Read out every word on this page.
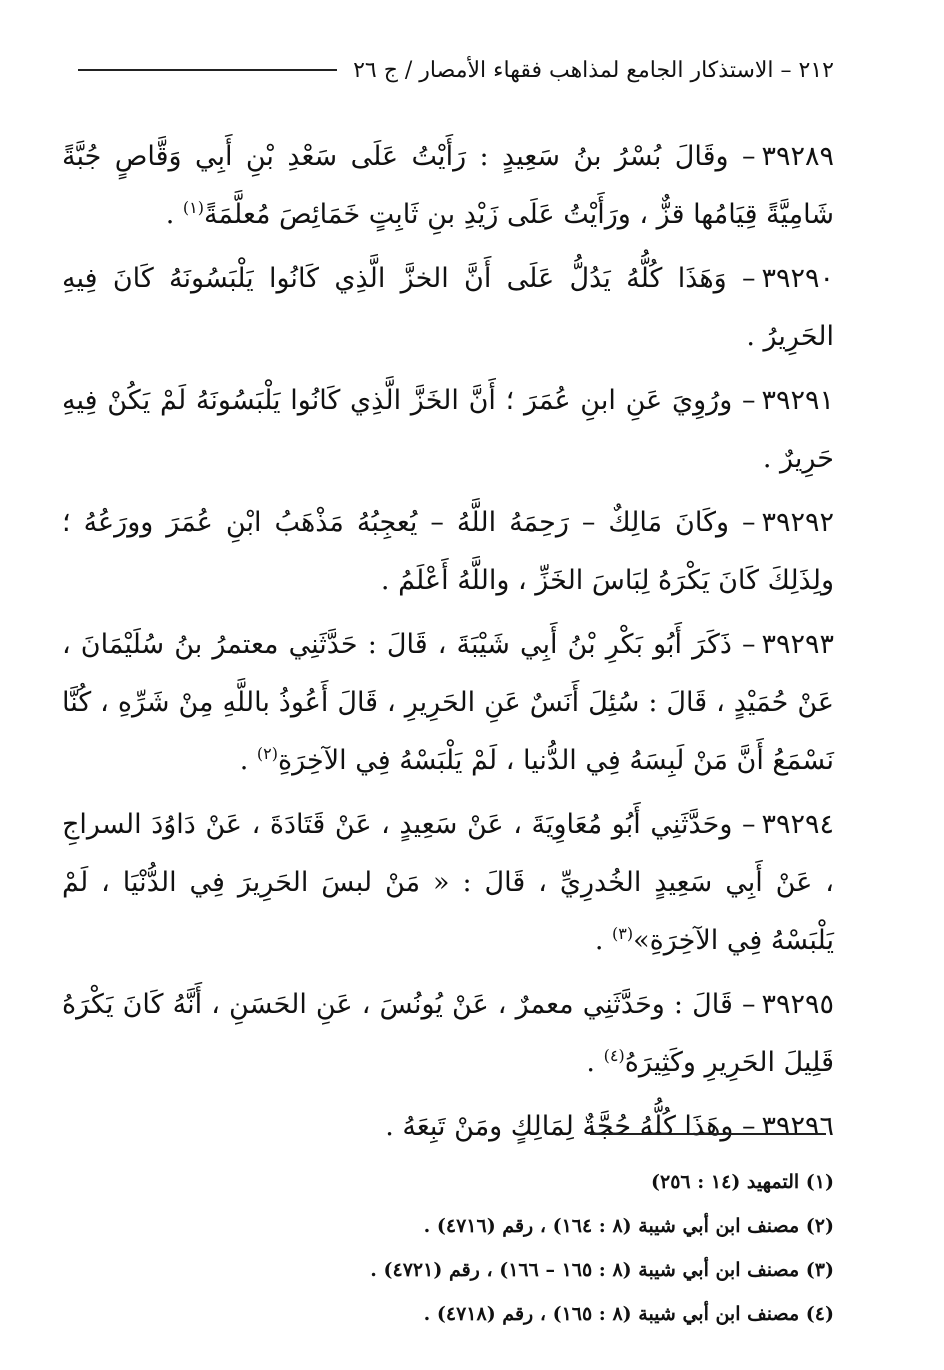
٢١٢ – الاستذكار الجامع لمذاهب فقهاء الأمصار / ج ٢٦

٣٩٢٨٩– وقَالَ بُسْرُ بنُ سَعِيدٍ : رَأَيْتُ عَلَى سَعْدِ بْنِ أَبِي وَقَّاصٍ جُبَّةً شَامِيَّةً قِيَامُها قزٌّ ، ورَأَيْتُ عَلَى زَيْدِ بنِ ثَابِتٍ خَمَائِصَ مُعلَّمَةً$^{(١)}$ .

٣٩٢٩٠– وَهَذَا كُلُّهُ يَدُلُّ عَلَى أَنَّ الخزَّ الَّذِي كَانُوا يَلْبَسُونَهُ كَانَ فِيهِ الحَرِيرُ .

٣٩٢٩١– ورُوِيَ عَنِ ابنِ عُمَرَ ؛ أَنَّ الخَزَّ الَّذِي كَانُوا يَلْبَسُونَهُ لَمْ يَكُنْ فِيهِ حَرِيرٌ .

٣٩٢٩٢– وكَانَ مَالِكٌ – رَحِمَهُ اللَّهُ – يُعجِبُهُ مَذْهَبُ ابْنِ عُمَرَ وورَعُهُ ؛ ولِذَلِكَ كَانَ يَكْرَهُ لِبَاسَ الخَزِّ ، واللَّهُ أَعْلَمُ .

٣٩٢٩٣– ذَكَرَ أَبُو بَكْرِ بْنُ أَبِي شَيْبَةَ ، قَالَ : حَدَّثَنِي معتمرُ بنُ سُلَيْمَانَ ، عَنْ حُمَيْدٍ ، قَالَ : سُئِلَ أَنَسٌ عَنِ الحَرِيرِ ، قَالَ أَعُوذُ باللَّهِ مِنْ شَرِّهِ ، كُنَّا نَسْمَعُ أَنَّ مَنْ لَبِسَهُ فِي الدُّنيا ، لَمْ يَلْبَسْهُ فِي الآخِرَةِ$^{(٢)}$ .

٣٩٢٩٤– وحَدَّثَنِي أَبُو مُعَاوِيَةَ ، عَنْ سَعِيدٍ ، عَنْ قَتَادَةَ ، عَنْ دَاوُدَ السراجِ ، عَنْ أَبِي سَعِيدٍ الخُدرِيِّ ، قَالَ : « مَنْ لبسَ الحَرِيرَ فِي الدُّنْيَا ، لَمْ يَلْبَسْهُ فِي الآخِرَةِ»$^{(٣)}$ .

٣٩٢٩٥– قَالَ : وحَدَّثَنِي معمرٌ ، عَنْ يُونُسَ ، عَنِ الحَسَنِ ، أَنَّهُ كَانَ يَكْرَهُ قَلِيلَ الحَرِيرِ وكَثِيرَهُ$^{(٤)}$ .

٣٩٢٩٦– وهَذَا كُلُّهُ حُجَّةٌ لِمَالِكٍ ومَنْ تَبِعَهُ .

(١) التمهيد (١٤ : ٢٥٦)
(٢) مصنف ابن أبي شيبة (٨ : ١٦٤) ، رقم (٤٧١٦) .
(٣) مصنف ابن أبي شيبة (٨ : ١٦٥ – ١٦٦) ، رقم (٤٧٢١) .
(٤) مصنف ابن أبي شيبة (٨ : ١٦٥) ، رقم (٤٧١٨) .
